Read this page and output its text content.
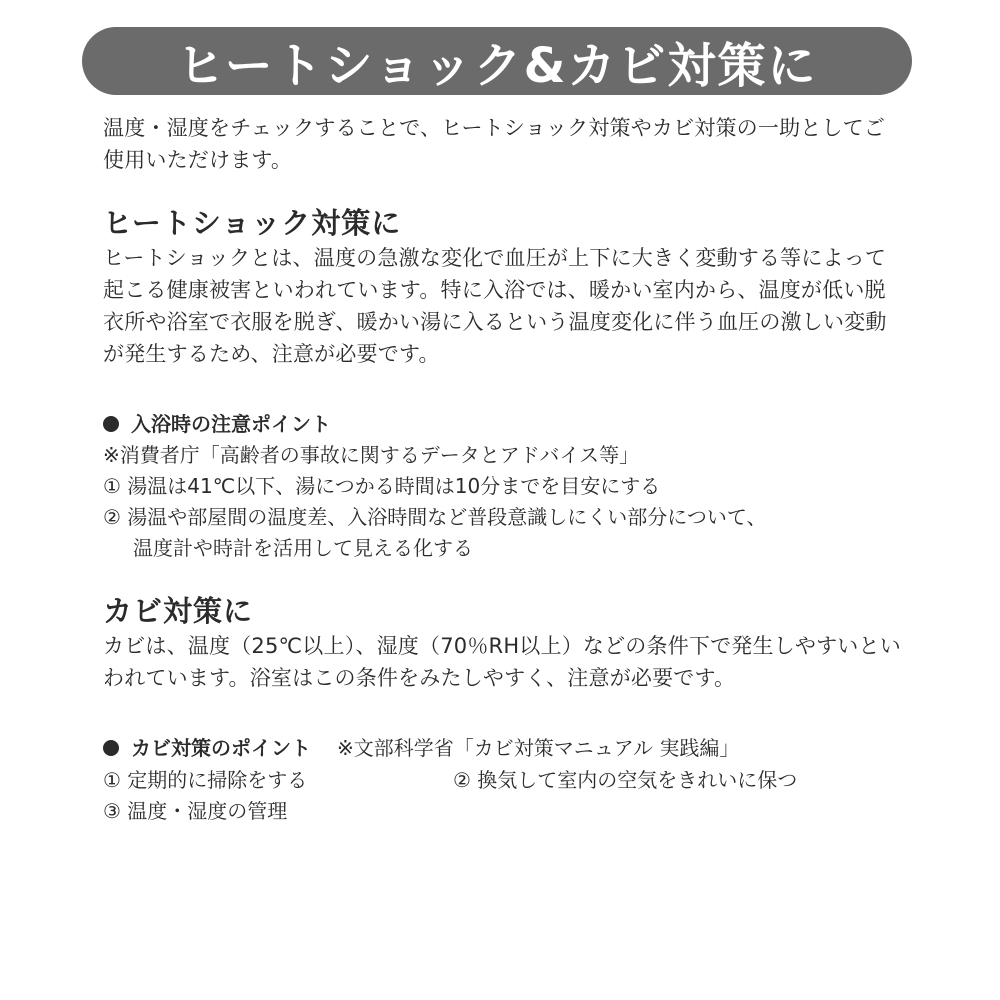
ヒートショック&カビ対策に

温度・湿度をチェックすることで、ヒートショック対策やカビ対策の一助としてご使用いただけます。

ヒートショック対策に

ヒートショックとは、温度の急激な変化で血圧が上下に大きく変動する等によって起こる健康被害といわれています。特に入浴では、暖かい室内から、温度が低い脱衣所や浴室で衣服を脱ぎ、暖かい湯に入るという温度変化に伴う血圧の激しい変動が発生するため、注意が必要です。

入浴時の注意ポイント
※消費者庁「高齢者の事故に関するデータとアドバイス等」
① 湯温は41℃以下、湯につかる時間は10分までを目安にする
② 湯温や部屋間の温度差、入浴時間など普段意識しにくい部分について、
温度計や時計を活用して見える化する
カビ対策に

カビは、温度（25℃以上）、湿度（70％RH以上）などの条件下で発生しやすいといわれています。浴室はこの条件をみたしやすく、注意が必要です。

カビ対策のポイント ※文部科学省「カビ対策マニュアル 実践編」
① 定期的に掃除をする	② 換気して室内の空気をきれいに保つ
③ 温度・湿度の管理
